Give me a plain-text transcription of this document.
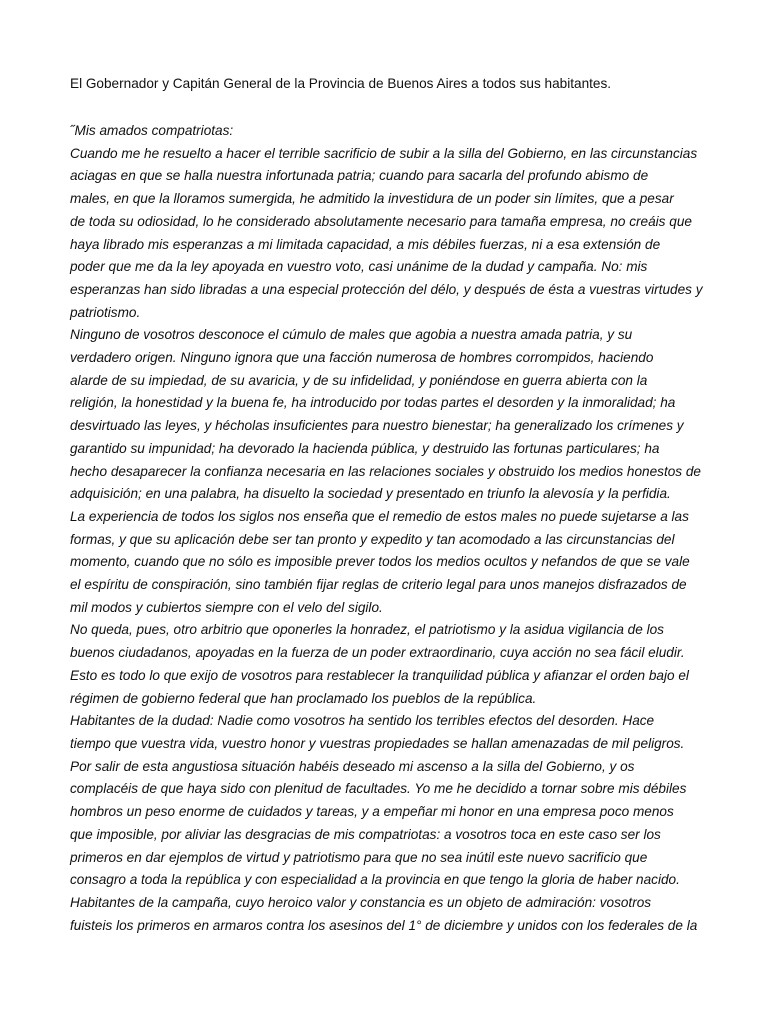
El Gobernador y Capitán General de la Provincia de Buenos Aires a todos sus habitantes.

˝Mis amados compatriotas:
Cuando me he resuelto a hacer el terrible sacrificio de subir a la silla del Gobierno, en las circunstancias
aciagas en que se halla nuestra infortunada patria; cuando para sacarla del profundo abismo de
males, en que la lloramos sumergida, he admitido la investidura de un poder sin límites, que a pesar
de toda su odiosidad, lo he considerado absolutamente necesario para tamaña empresa, no creáis que
haya librado mis esperanzas a mi limitada capacidad, a mis débiles fuerzas, ni a esa extensión de
poder que me da la ley apoyada en vuestro voto, casi unánime de la dudad y campaña. No: mis
esperanzas han sido libradas a una especial protección del délo, y después de ésta a vuestras virtudes y
patriotismo.
Ninguno de vosotros desconoce el cúmulo de males que agobia a nuestra amada patria, y su
verdadero origen. Ninguno ignora que una facción numerosa de hombres corrompidos, haciendo
alarde de su impiedad, de su avaricia, y de su infidelidad, y poniéndose en guerra abierta con la
religión, la honestidad y la buena fe, ha introducido por todas partes el desorden y la inmoralidad; ha
desvirtuado las leyes, y hécholas insuficientes para nuestro bienestar; ha generalizado los crímenes y
garantido su impunidad; ha devorado la hacienda pública, y destruido las fortunas particulares; ha
hecho desaparecer la confianza necesaria en las relaciones sociales y obstruido los medios honestos de
adquisición; en una palabra, ha disuelto la sociedad y presentado en triunfo la alevosía y la perfidia.
La experiencia de todos los siglos nos enseña que el remedio de estos males no puede sujetarse a las
formas, y que su aplicación debe ser tan pronto y expedito y tan acomodado a las circunstancias del
momento, cuando que no sólo es imposible prever todos los medios ocultos y nefandos de que se vale
el espíritu de conspiración, sino también fijar reglas de criterio legal para unos manejos disfrazados de
mil modos y cubiertos siempre con el velo del sigilo.
No queda, pues, otro arbitrio que oponerles la honradez, el patriotismo y la asidua vigilancia de los
buenos ciudadanos, apoyadas en la fuerza de un poder extraordinario, cuya acción no sea fácil eludir.
Esto es todo lo que exijo de vosotros para restablecer la tranquilidad pública y afianzar el orden bajo el
régimen de gobierno federal que han proclamado los pueblos de la república.
Habitantes de la dudad: Nadie como vosotros ha sentido los terribles efectos del desorden. Hace
tiempo que vuestra vida, vuestro honor y vuestras propiedades se hallan amenazadas de mil peligros.
Por salir de esta angustiosa situación habéis deseado mi ascenso a la silla del Gobierno, y os
complacéis de que haya sido con plenitud de facultades. Yo me he decidido a tornar sobre mis débiles
hombros un peso enorme de cuidados y tareas, y a empeñar mi honor en una empresa poco menos
que imposible, por aliviar las desgracias de mis compatriotas: a vosotros toca en este caso ser los
primeros en dar ejemplos de virtud y patriotismo para que no sea inútil este nuevo sacrificio que
consagro a toda la república y con especialidad a la provincia en que tengo la gloria de haber nacido.
Habitantes de la campaña, cuyo heroico valor y constancia es un objeto de admiración: vosotros
fuisteis los primeros en armaros contra los asesinos del 1° de diciembre y unidos con los federales de la
